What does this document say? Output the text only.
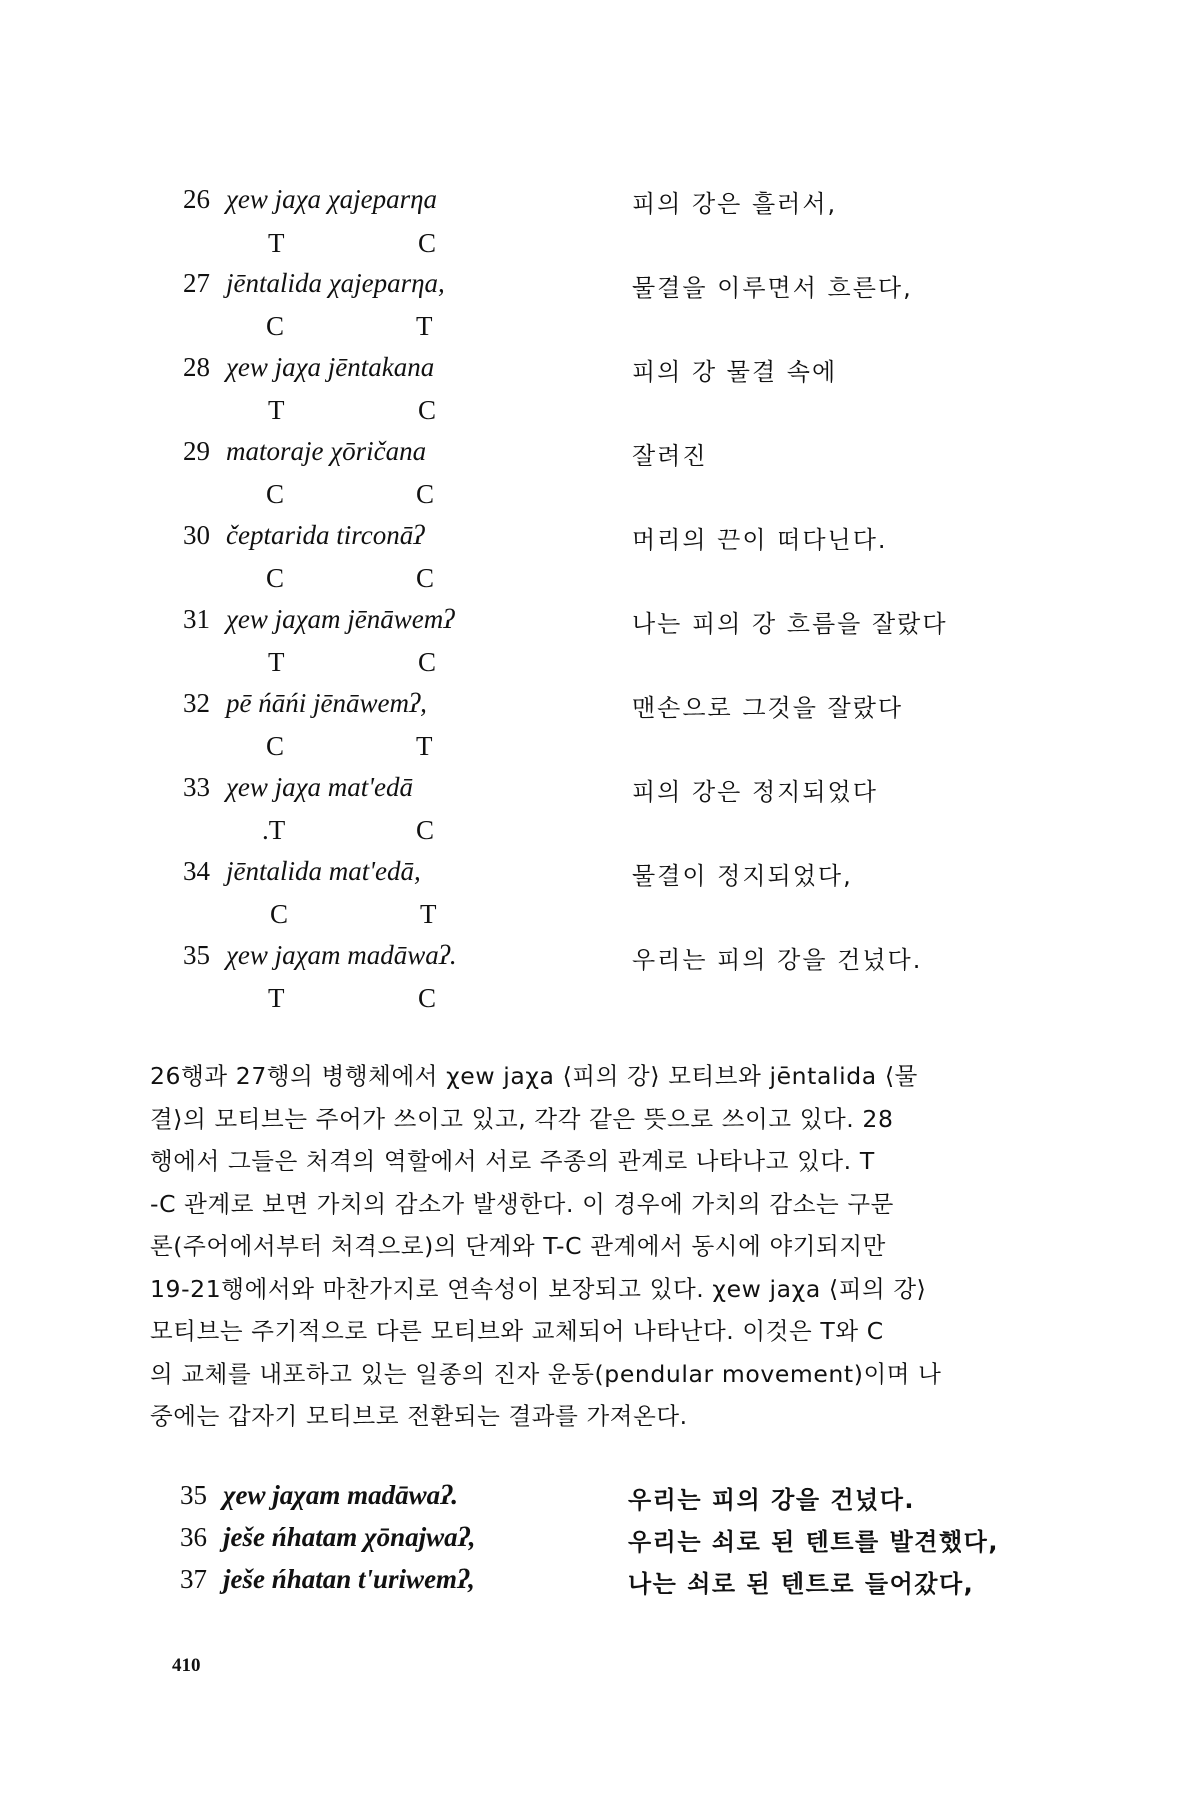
26 χew jaχa χajeparηa	피의 강은 흘러서,
T	C
27 jēntalida χajeparηa,	물결을 이루면서 흐른다,
C	T
28 χew jaχa jēntakana	피의 강 물결 속에
T	C
29 matoraje χōričana	잘려진
C	C
30 čeptarida tirconāʔ	머리의 끈이 떠다닌다.
C	C
31 χew jaχam jēnāwemʔ	나는 피의 강 흐름을 잘랐다
T	C
32 pē ńāńi jēnāwemʔ,	맨손으로 그것을 잘랐다
C	T
33 χew jaχa mat'edā	피의 강은 정지되었다
.T	C
34 jēntalida mat'edā,	물결이 정지되었다,
C	T
35 χew jaχam madāwaʔ.	우리는 피의 강을 건넜다.
T	C
26행과 27행의 병행체에서 χew jaχa ⟨피의 강⟩ 모티브와 jēntalida ⟨물
결⟩의 모티브는 주어가 쓰이고 있고, 각각 같은 뜻으로 쓰이고 있다. 28
행에서 그들은 처격의 역할에서 서로 주종의 관계로 나타나고 있다. T
-C 관계로 보면 가치의 감소가 발생한다. 이 경우에 가치의 감소는 구문
론(주어에서부터 처격으로)의 단계와 T-C 관계에서 동시에 야기되지만
19-21행에서와 마찬가지로 연속성이 보장되고 있다. χew jaχa ⟨피의 강⟩
모티브는 주기적으로 다른 모티브와 교체되어 나타난다. 이것은 T와 C
의 교체를 내포하고 있는 일종의 진자 운동(pendular movement)이며 나
중에는 갑자기 모티브로 전환되는 결과를 가져온다.
35 χew jaχam madāwaʔ.	우리는 피의 강을 건넜다.
36 ješe ńhatam χōnajwaʔ,	우리는 쇠로 된 텐트를 발견했다,
37 ješe ńhatan t'uriwemʔ,	나는 쇠로 된 텐트로 들어갔다,
410
